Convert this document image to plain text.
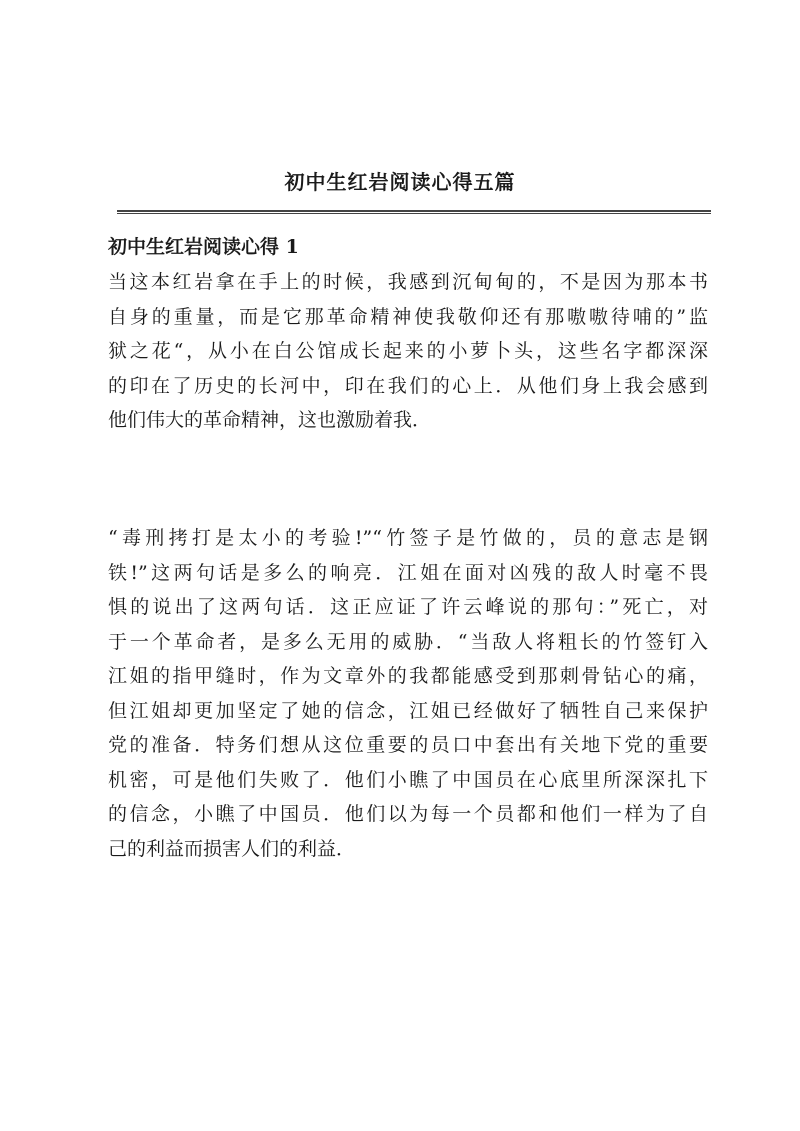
初中生红岩阅读心得五篇
初中生红岩阅读心得 1

当这本红岩拿在手上的时候，我感到沉甸甸的，不是因为那本书
自身的重量，而是它那革命精神使我敬仰还有那嗷嗷待哺的”监
狱之花“，从小在白公馆成长起来的小萝卜头，这些名字都深深
的印在了历史的长河中，印在我们的心上．从他们身上我会感到
他们伟大的革命精神，这也激励着我．

“毒刑拷打是太小的考验!”“竹签子是竹做的，员的意志是钢
铁!”这两句话是多么的响亮．江姐在面对凶残的敌人时毫不畏
惧的说出了这两句话．这正应证了许云峰说的那句：”死亡，对
于一个革命者，是多么无用的威胁．“当敌人将粗长的竹签钉入
江姐的指甲缝时，作为文章外的我都能感受到那刺骨钻心的痛，
但江姐却更加坚定了她的信念，江姐已经做好了牺牲自己来保护
党的准备．特务们想从这位重要的员口中套出有关地下党的重要
机密，可是他们失败了．他们小瞧了中国员在心底里所深深扎下
的信念，小瞧了中国员．他们以为每一个员都和他们一样为了自
己的利益而损害人们的利益．
